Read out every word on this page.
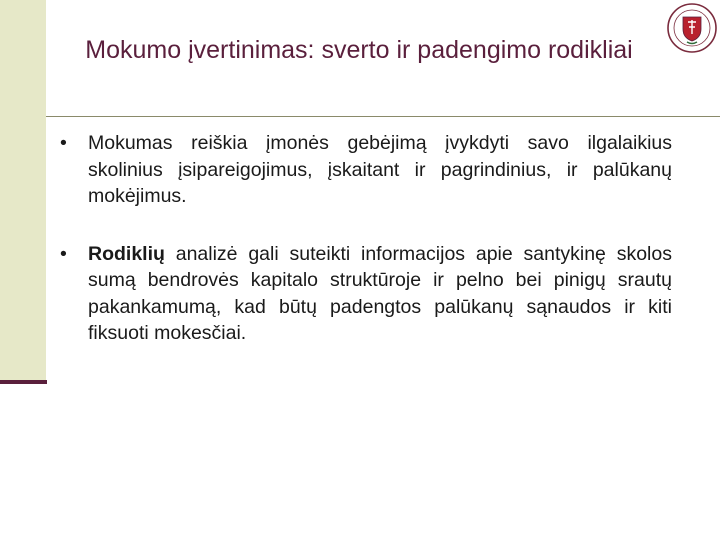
Mokumo įvertinimas: sverto ir padengimo rodikliai
• Mokumas reiškia įmonės gebėjimą įvykdyti savo ilgalaikius skolinius įsipareigojimus, įskaitant ir pagrindinius, ir palūkanų mokėjimus.
• Rodiklių analizė gali suteikti informacijos apie santykinę skolos sumą bendrovės kapitalo struktūroje ir pelno bei pinigų srautų pakankamumą, kad būtų padengtos palūkanų sąnaudos ir kiti fiksuoti mokesčiai.
